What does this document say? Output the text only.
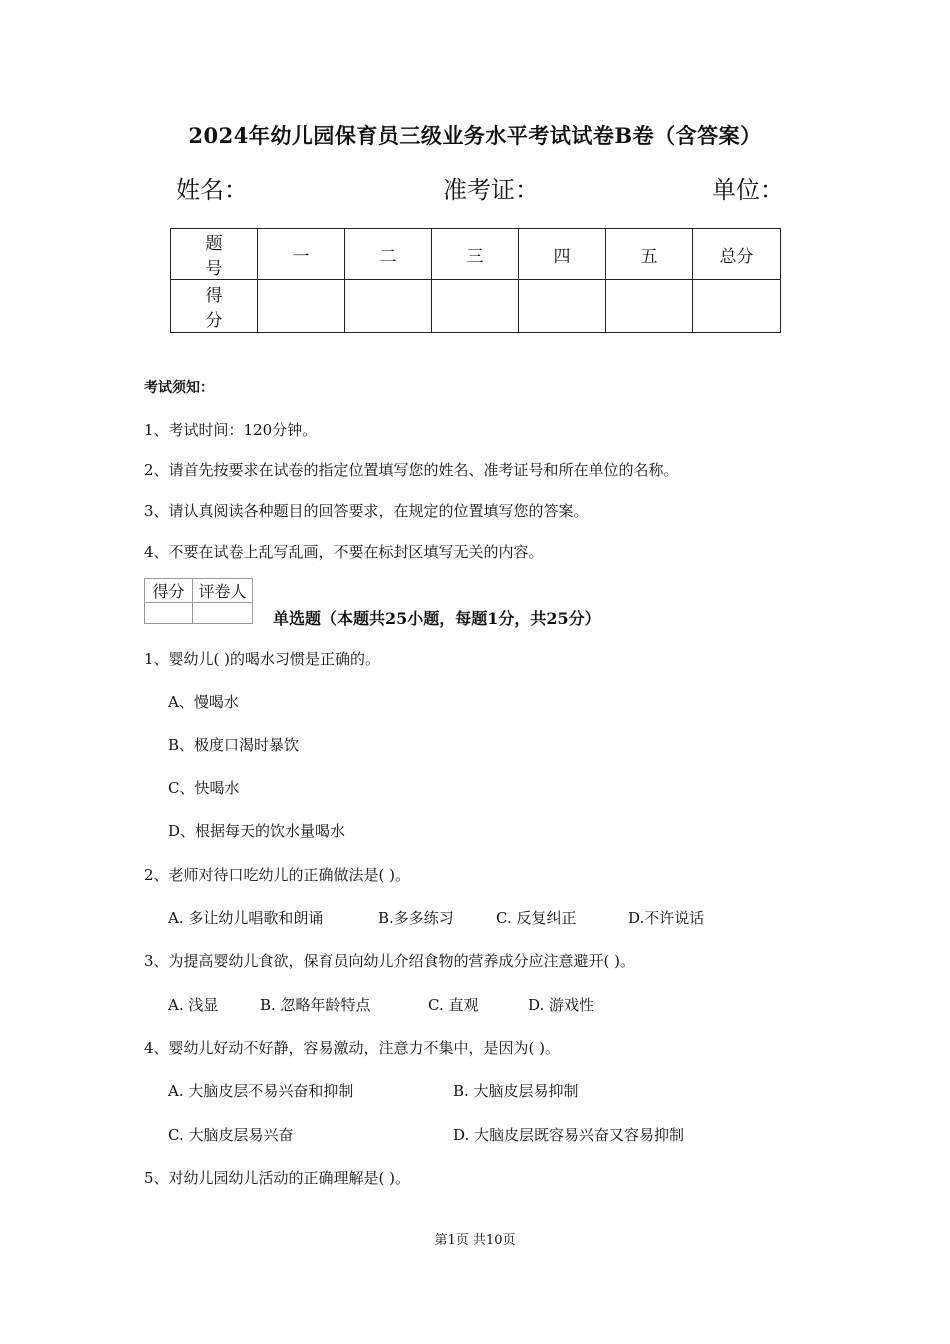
2024年幼儿园保育员三级业务水平考试试卷B卷（含答案）
姓名：	准考证：	单位：
题号	一	二	三	四	五	总分
得分						
考试须知：
1、考试时间：120分钟。
2、请首先按要求在试卷的指定位置填写您的姓名、准考证号和所在单位的名称。
3、请认真阅读各种题目的回答要求，在规定的位置填写您的答案。
4、不要在试卷上乱写乱画，不要在标封区填写无关的内容。
得分	评卷人

单选题（本题共25小题，每题1分，共25分）
1、婴幼儿( )的喝水习惯是正确的。
A、慢喝水
B、极度口渴时暴饮
C、快喝水
D、根据每天的饮水量喝水
2、老师对待口吃幼儿的正确做法是( )。
A. 多让幼儿唱歌和朗诵	B.多多练习	C. 反复纠正	D.不许说话
3、为提高婴幼儿食欲，保育员向幼儿介绍食物的营养成分应注意避开( )。
A. 浅显	B. 忽略年龄特点	C. 直观	D. 游戏性
4、婴幼儿好动不好静，容易激动，注意力不集中，是因为( )。
A. 大脑皮层不易兴奋和抑制	B. 大脑皮层易抑制
C. 大脑皮层易兴奋	D. 大脑皮层既容易兴奋又容易抑制
5、对幼儿园幼儿活动的正确理解是( )。
第1页 共10页
